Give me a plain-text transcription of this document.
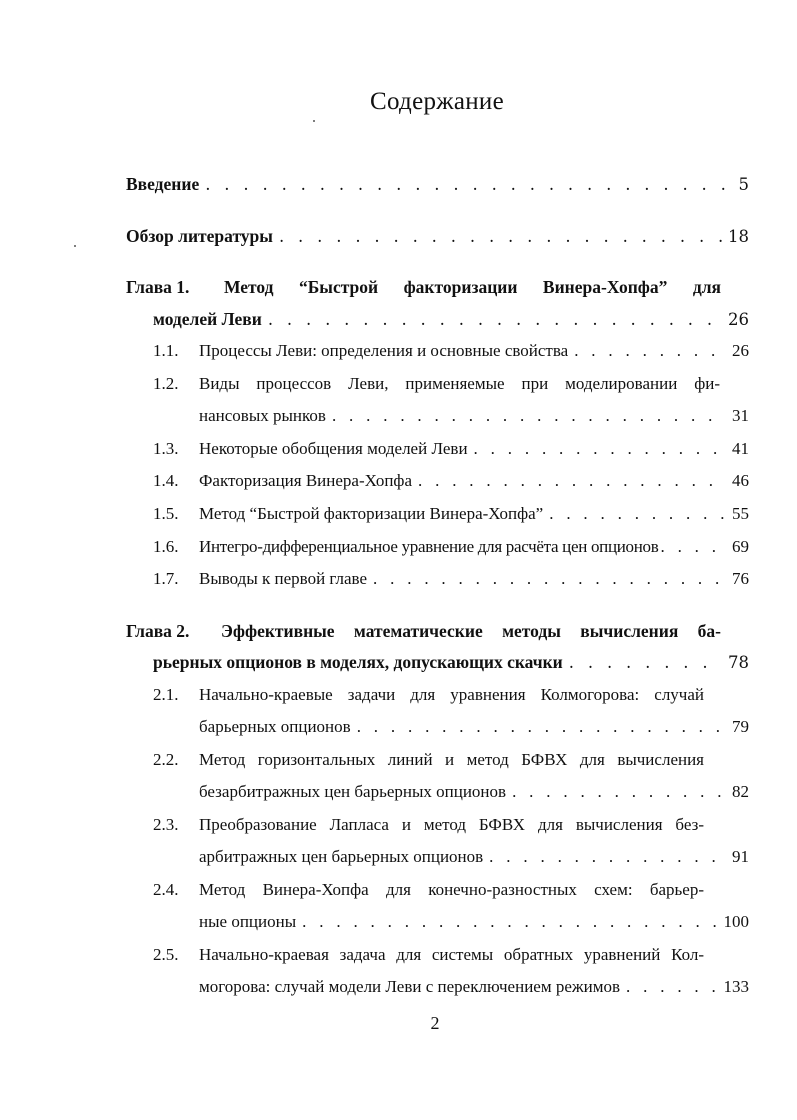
Содержание
Введение . . .	5
Обзор литературы . . .	18
Глава 1.	Метод “Быстрой факторизации Винера-Хопфа” для
моделей Леви . . .	26
1.1.	Процессы Леви: определения и основные свойства . . .	26
1.2.	Виды процессов Леви, применяемые при моделировании фи-
нансовых рынков . . .	31
1.3.	Некоторые обобщения моделей Леви . . .	41
1.4.	Факторизация Винера-Хопфа . . .	46
1.5.	Метод “Быстрой факторизации Винера-Хопфа” . . .	55
1.6.	Интегро-дифференциальное уравнение для расчёта цен опционов . . .	69
1.7.	Выводы к первой главе . . .	76
Глава 2.	Эффективные математические методы вычисления ба-
рьерных опционов в моделях, допускающих скачки . . .	78
2.1.	Начально-краевые задачи для уравнения Колмогорова: случай
барьерных опционов . . .	79
2.2.	Метод горизонтальных линий и метод БФВХ для вычисления
безарбитражных цен барьерных опционов . . .	82
2.3.	Преобразование Лапласа и метод БФВХ для вычисления без-
арбитражных цен барьерных опционов . . .	91
2.4.	Метод Винера-Хопфа для конечно-разностных схем: барьер-
ные опционы . . .	100
2.5.	Начально-краевая задача для системы обратных уравнений Кол-
могорова: случай модели Леви с переключением режимов . . .	133
2
